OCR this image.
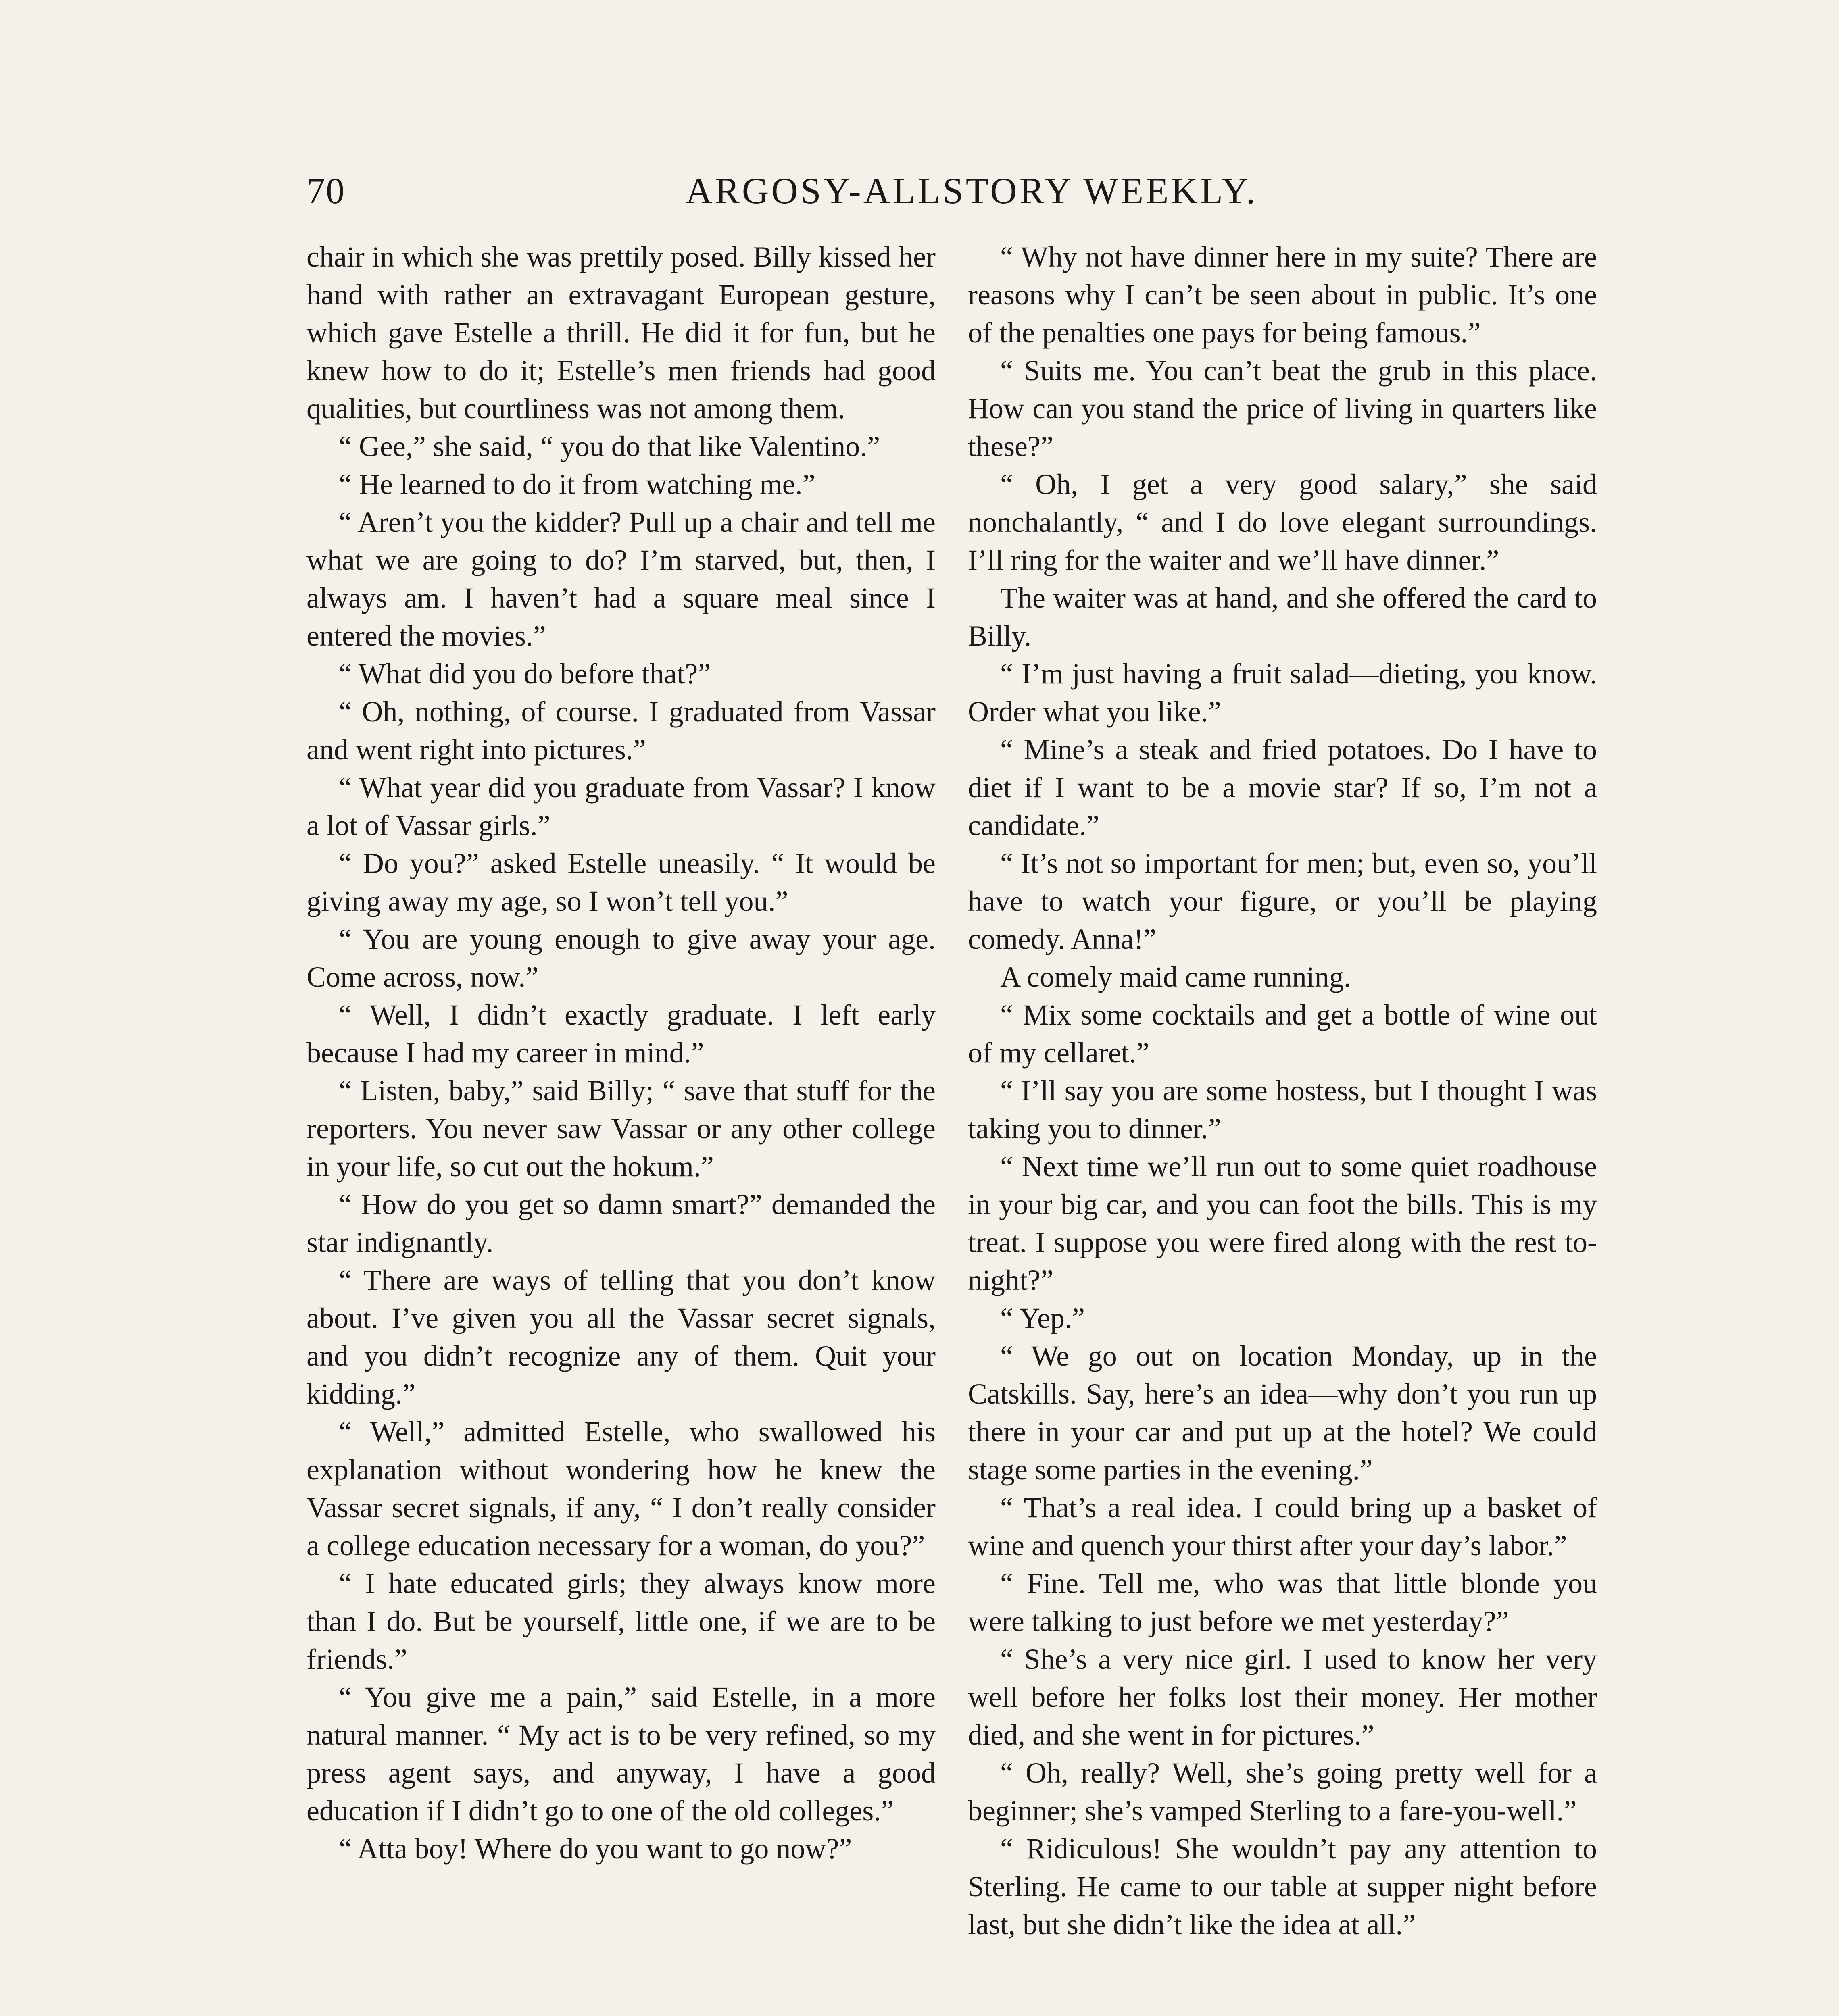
70	ARGOSY-ALLSTORY WEEKLY.

chair in which she was prettily posed. Billy kissed her hand with rather an extravagant European gesture, which gave Estelle a thrill. He did it for fun, but he knew how to do it; Estelle’s men friends had good qualities, but courtliness was not among them.

“ Gee,” she said, “ you do that like Valentino.”

“ He learned to do it from watching me.”

“ Aren’t you the kidder? Pull up a chair and tell me what we are going to do? I’m starved, but, then, I always am. I haven’t had a square meal since I entered the movies.”

“ What did you do before that?”

“ Oh, nothing, of course. I graduated from Vassar and went right into pictures.”

“ What year did you graduate from Vassar? I know a lot of Vassar girls.”

“ Do you?” asked Estelle uneasily. “ It would be giving away my age, so I won’t tell you.”

“ You are young enough to give away your age. Come across, now.”

“ Well, I didn’t exactly graduate. I left early because I had my career in mind.”

“ Listen, baby,” said Billy; “ save that stuff for the reporters. You never saw Vassar or any other college in your life, so cut out the hokum.”

“ How do you get so damn smart?” demanded the star indignantly.

“ There are ways of telling that you don’t know about. I’ve given you all the Vassar secret signals, and you didn’t recognize any of them. Quit your kidding.”

“ Well,” admitted Estelle, who swallowed his explanation without wondering how he knew the Vassar secret signals, if any, “ I don’t really consider a college education necessary for a woman, do you?”

“ I hate educated girls; they always know more than I do. But be yourself, little one, if we are to be friends.”

“ You give me a pain,” said Estelle, in a more natural manner. “ My act is to be very refined, so my press agent says, and anyway, I have a good education if I didn’t go to one of the old colleges.”

“ Atta boy! Where do you want to go now?”

“ Why not have dinner here in my suite? There are reasons why I can’t be seen about in public. It’s one of the penalties one pays for being famous.”

“ Suits me. You can’t beat the grub in this place. How can you stand the price of living in quarters like these?”

“ Oh, I get a very good salary,” she said nonchalantly, “ and I do love elegant surroundings. I’ll ring for the waiter and we’ll have dinner.”

The waiter was at hand, and she offered the card to Billy.

“ I’m just having a fruit salad—dieting, you know. Order what you like.”

“ Mine’s a steak and fried potatoes. Do I have to diet if I want to be a movie star? If so, I’m not a candidate.”

“ It’s not so important for men; but, even so, you’ll have to watch your figure, or you’ll be playing comedy. Anna!”

A comely maid came running.

“ Mix some cocktails and get a bottle of wine out of my cellaret.”

“ I’ll say you are some hostess, but I thought I was taking you to dinner.”

“ Next time we’ll run out to some quiet roadhouse in your big car, and you can foot the bills. This is my treat. I suppose you were fired along with the rest to-night?”

“ Yep.”

“ We go out on location Monday, up in the Catskills. Say, here’s an idea—why don’t you run up there in your car and put up at the hotel? We could stage some parties in the evening.”

“ That’s a real idea. I could bring up a basket of wine and quench your thirst after your day’s labor.”

“ Fine. Tell me, who was that little blonde you were talking to just before we met yesterday?”

“ She’s a very nice girl. I used to know her very well before her folks lost their money. Her mother died, and she went in for pictures.”

“ Oh, really? Well, she’s going pretty well for a beginner; she’s vamped Sterling to a fare-you-well.”

“ Ridiculous! She wouldn’t pay any attention to Sterling. He came to our table at supper night before last, but she didn’t like the idea at all.”
